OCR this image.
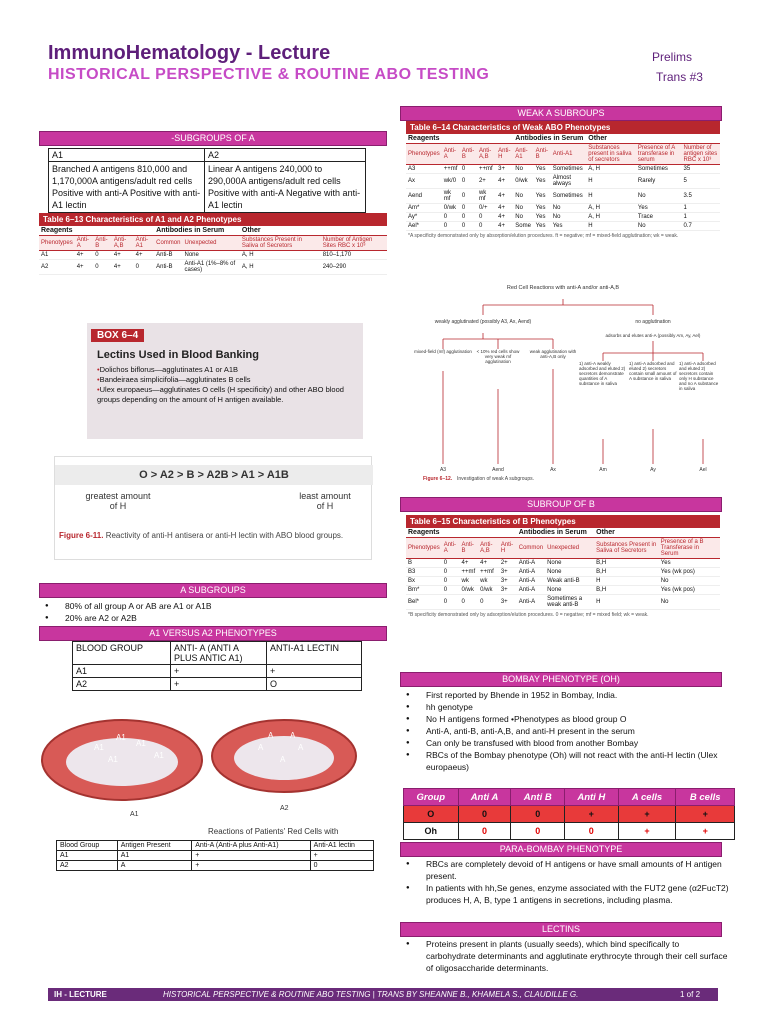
ImmunoHematology - Lecture
HISTORICAL PERSPECTIVE & ROUTINE ABO TESTING
Prelims
Trans #3
-SUBGROUPS OF A
A1	A2
Branched A antigens 810,000 and 1,170,000A antigens/adult red cells Positive with anti-A Positive with anti-A1 lectin	Linear A antigens 240,000 to 290,000A antigens/adult red cells Positive with anti-A Negative with anti-A1 lectin
Table 6–13 Characteristics of A1 and A2 Phenotypes
Reagents					Antibodies in Serum		Other	
Phenotypes	Anti-A	Anti-B	Anti-A,B	Anti-A1	Common	Unexpected	Substances Present in Saliva of Secretors	Number of Antigen Sites RBC x 10³
A1	4+	0	4+	4+	Anti-B	None	A, H	810–1,170
A2	4+	0	4+	0	Anti-B	Anti-A1 (1%–8% of cases)	A, H	240–290
BOX 6–4
Lectins Used in Blood Banking
• Dolichos biflorus—agglutinates A1 or A1B
• Bandeiraea simplicifolia—agglutinates B cells
• Ulex europaeus—agglutinates O cells (H specificity) and other ABO blood groups depending on the amount of H antigen available.
O > A2 > B > A2B > A1 > A1B
greatest amount of H
least amount of H
Figure 6-11. Reactivity of anti-H antisera or anti-H lectin with ABO blood groups.
A SUBGROUPS
● 80% of all group A or AB are A1 or A1B
● 20% are A2 or A2B
A1 VERSUS A2 PHENOTYPES
BLOOD GROUP	ANTI- A (ANTI A PLUS ANTIC A1)	ANTI-A1 LECTIN
A1	+	+
A2	+	O
A1
A1
A1
A1
A1
A A
A	A
A
A1
A2
Reactions of Patients' Red Cells with
Blood Group	Antigen Present	Anti-A (Anti-A plus Anti-A1)	Anti-A1 lectin
A1	A1	+	+
A2	A	+	0
WEAK A SUBROUPS
Table 6–14 Characteristics of Weak ABO Phenotypes
Reagents					Antibodies in Serum			Other		
Phenotypes	Anti-A	Anti-B	Anti-A,B	Anti-H	Anti-A1	Anti-B	Anti-A1	Substances present in saliva of secretors	Presence of A transferase in serum	Number of antigen sites RBC x 10³
A3	++mf	0	++mf	3+	No	Yes	Sometimes	A, H	Sometimes	35
Ax	wk/0	0	2+	4+	0/wk	Yes	Almost always	H	Rarely	5
Aend	wk mf	0	wk mf	4+	No	Yes	Sometimes	H	No	3.5
Am*	0/wk	0	0/+	4+	No	Yes	No	A, H	Yes	1
Ay*	0	0	0	4+	No	Yes	No	A, H	Trace	1
Ael*	0	0	0	4+	Some	Yes	Yes	H	No	0.7
*A specificity demonstrated only by absorption/elution procedures. ft = negative; mf = mixed-field agglutination; wk = weak.
Red Cell Reactions with anti-A and/or anti-A,B
weakly agglutinated (possibly A3, Ax, Aend)	no agglutination
adsorbs and elutes anti-A (possibly Am, Ay, Ael)
mixed-field (mf) agglutination	< 10% red cells show very weak mf agglutination
weak agglutination with anti-A,B only
1) anti-A weakly adsorbed and eluted 2) secretors demonstrate quantities of A substance in saliva
1) anti-A adsorbed and eluted 2) secretors contain small amount of A substance in saliva
1) anti-A adsorbed and eluted 2) secretors contain only H substance and no A substance in saliva
A3	Aend	Ax	Am	Ay	Ael
Figure 6–12. Investigation of weak A subgroups.
SUBROUP OF B
Table 6–15 Characteristics of B Phenotypes
Reagents					Antibodies in Serum		Other	
Phenotypes	Anti-A	Anti-B	Anti-A,B	Anti-H	Common	Unexpected	Substances Present in Saliva of Secretors	Presence of a B Transferase in Serum
B	0	4+	4+	2+	Anti-A	None	B,H	Yes
B3	0	++mf	++mf	3+	Anti-A	None	B,H	Yes (wk pos)
Bx	0	wk	wk	3+	Anti-A	Weak anti-B	H	No
Bm*	0	0/wk	0/wk	3+	Anti-A	None	B,H	Yes (wk pos)
Bel*	0	0	0	3+	Anti-A	Sometimes a weak anti-B	H	No
*B specificity demonstrated only by adsorption/elution procedures. 0 = negative; mf = mixed field; wk = weak.
BOMBAY PHENOTYPE (OH)
● First reported by Bhende in 1952 in Bombay, India.
● hh genotype
● No H antigens formed •Phenotypes as blood group O
● Anti-A, anti-B, anti-A,B, and anti-H present in the serum
● Can only be transfused with blood from another Bombay
● RBCs of the Bombay phenotype (Oh) will not react with the anti-H lectin (Ulex europaeus)
Group	Anti A	Anti B	Anti H	A cells	B cells
O	0	0	+	+	+
Oh	0	0	0	+	+
PARA-BOMBAY PHENOTYPE
● RBCs are completely devoid of H antigens or have small amounts of H antigen present.
● In patients with hh,Se genes, enzyme associated with the FUT2 gene (α2FucT2) produces H, A, B, type 1 antigens in secretions, including plasma.
LECTINS
● Proteins present in plants (usually seeds), which bind specifically to carbohydrate determinants and agglutinate erythrocyte through their cell surface of oligosaccharide determinants.
IH - LECTURE	HISTORICAL PERSPECTIVE & ROUTINE ABO TESTING | TRANS BY SHEANNE B., KHAMELA S., CLAUDILLE G.	1 of 2
